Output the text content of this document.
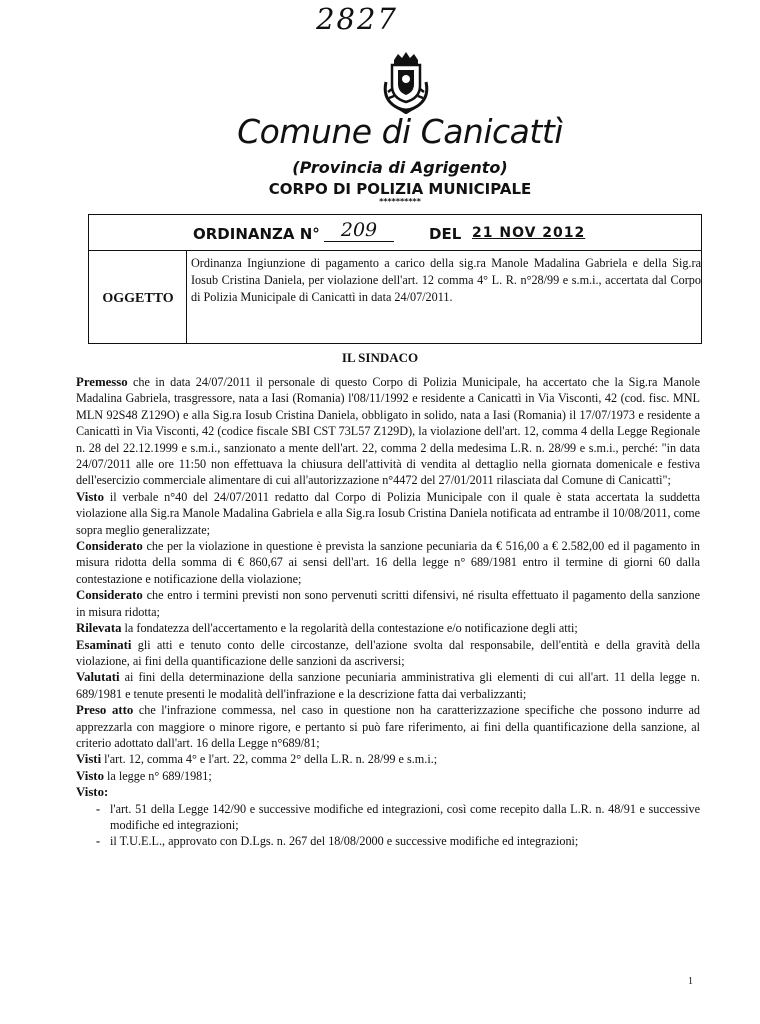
2827
Comune di Canicattì
(Provincia di Agrigento)
CORPO DI POLIZIA MUNICIPALE
**********
ORDINANZA N°	209	DEL 21 NOV 2012
OGGETTO
Ordinanza Ingiunzione di pagamento a carico della sig.ra Manole Madalina Gabriela e della Sig.ra Iosub Cristina Daniela, per violazione dell'art. 12 comma 4° L. R. n°28/99 e s.m.i., accertata dal Corpo di Polizia Municipale di Canicattì in data 24/07/2011.
IL SINDACO

Premesso che in data 24/07/2011 il personale di questo Corpo di Polizia Municipale, ha accertato che la Sig.ra Manole Madalina Gabriela, trasgressore, nata a Iasi (Romania) l'08/11/1992 e residente a Canicattì in Via Visconti, 42 (cod. fisc. MNL MLN 92S48 Z129O) e alla Sig.ra Iosub Cristina Daniela, obbligato in solido, nata a Iasi (Romania) il 17/07/1973 e residente a Canicattì in Via Visconti, 42 (codice fiscale SBI CST 73L57 Z129D), la violazione dell'art. 12, comma 4 della Legge Regionale n. 28 del 22.12.1999 e s.m.i., sanzionato a mente dell'art. 22, comma 2 della medesima L.R. n. 28/99 e s.m.i., perché: "in data 24/07/2011 alle ore 11:50 non effettuava la chiusura dell'attività di vendita al dettaglio nella giornata domenicale e festiva dell'esercizio commerciale alimentare di cui all'autorizzazione n°4472 del 27/01/2011 rilasciata dal Comune di Canicattì";

Visto il verbale n°40 del 24/07/2011 redatto dal Corpo di Polizia Municipale con il quale è stata accertata la suddetta violazione alla Sig.ra Manole Madalina Gabriela e alla Sig.ra Iosub Cristina Daniela notificata ad entrambe il 10/08/2011, come sopra meglio generalizzate;

Considerato che per la violazione in questione è prevista la sanzione pecuniaria da € 516,00 a € 2.582,00 ed il pagamento in misura ridotta della somma di € 860,67 ai sensi dell'art. 16 della legge n° 689/1981 entro il termine di giorni 60 dalla contestazione e notificazione della violazione;

Considerato che entro i termini previsti non sono pervenuti scritti difensivi, né risulta effettuato il pagamento della sanzione in misura ridotta;

Rilevata la fondatezza dell'accertamento e la regolarità della contestazione e/o notificazione degli atti;

Esaminati gli atti e tenuto conto delle circostanze, dell'azione svolta dal responsabile, dell'entità e della gravità della violazione, ai fini della quantificazione delle sanzioni da ascriversi;

Valutati ai fini della determinazione della sanzione pecuniaria amministrativa gli elementi di cui all'art. 11 della legge n. 689/1981 e tenute presenti le modalità dell'infrazione e la descrizione fatta dai verbalizzanti;

Preso atto che l'infrazione commessa, nel caso in questione non ha caratterizzazione specifiche che possono indurre ad apprezzarla con maggiore o minore rigore, e pertanto si può fare riferimento, ai fini della quantificazione della sanzione, al criterio adottato dall'art. 16 della Legge n°689/81;

Visti l'art. 12, comma 4° e l'art. 22, comma 2° della L.R. n. 28/99 e s.m.i.;

Visto la legge n° 689/1981;

Visto:

- l'art. 51 della Legge 142/90 e successive modifiche ed integrazioni, così come recepito dalla L.R. n. 48/91 e successive modifiche ed integrazioni;
- il T.U.E.L., approvato con D.Lgs. n. 267 del 18/08/2000 e successive modifiche ed integrazioni;
1
